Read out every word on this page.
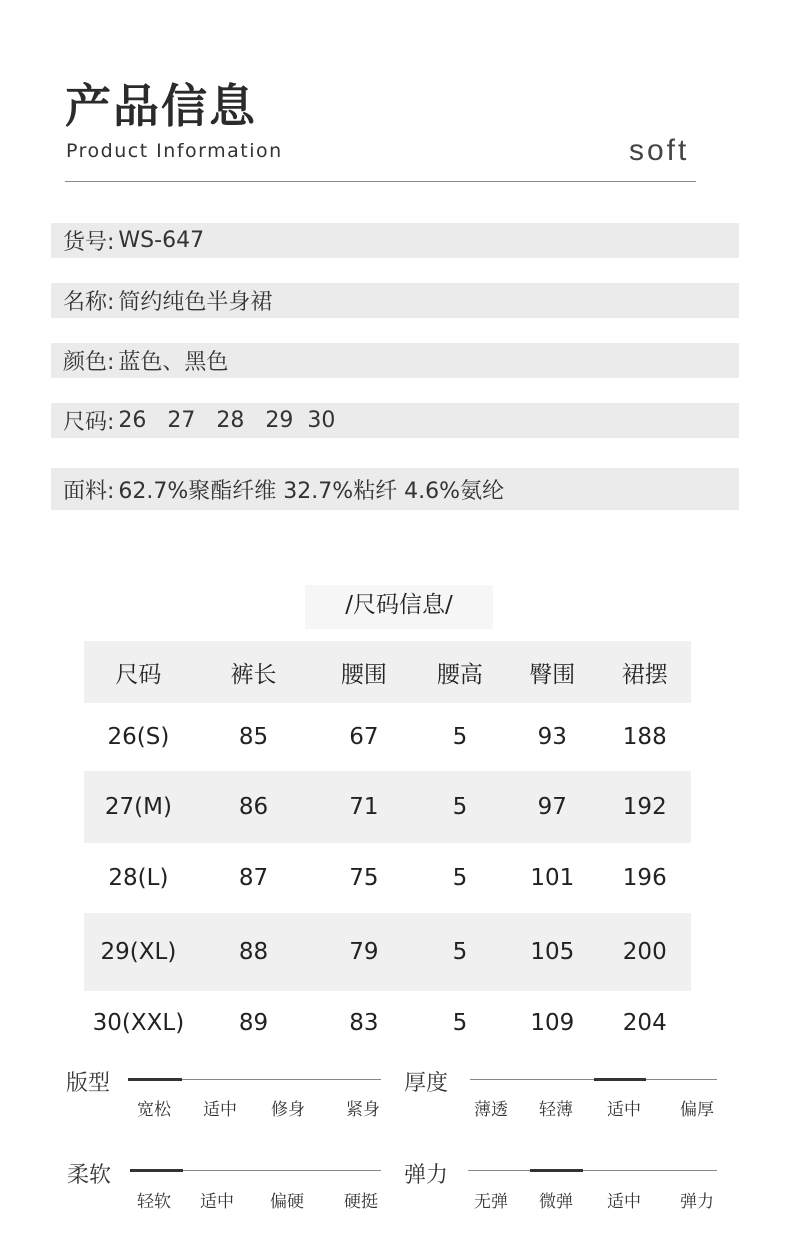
产品信息
Product Information	soft
货号: WS-647
名称: 简约纯色半身裙
颜色: 蓝色、黑色
尺码: 26   27   28   29  30
面料: 62.7%聚酯纤维 32.7%粘纤 4.6%氨纶
/尺码信息/
尺码	裤长	腰围	腰高	臀围	裙摆
26(S)	85	67	5	93	188
27(M)	86	71	5	97	192
28(L)	87	75	5	101	196
29(XL)	88	79	5	105	200
30(XXL)	89	83	5	109	204
版型
宽松 适中 修身 紧身
厚度
薄透 轻薄 适中 偏厚
柔软
轻软 适中 偏硬 硬挺
弹力
无弹 微弹 适中 弹力
